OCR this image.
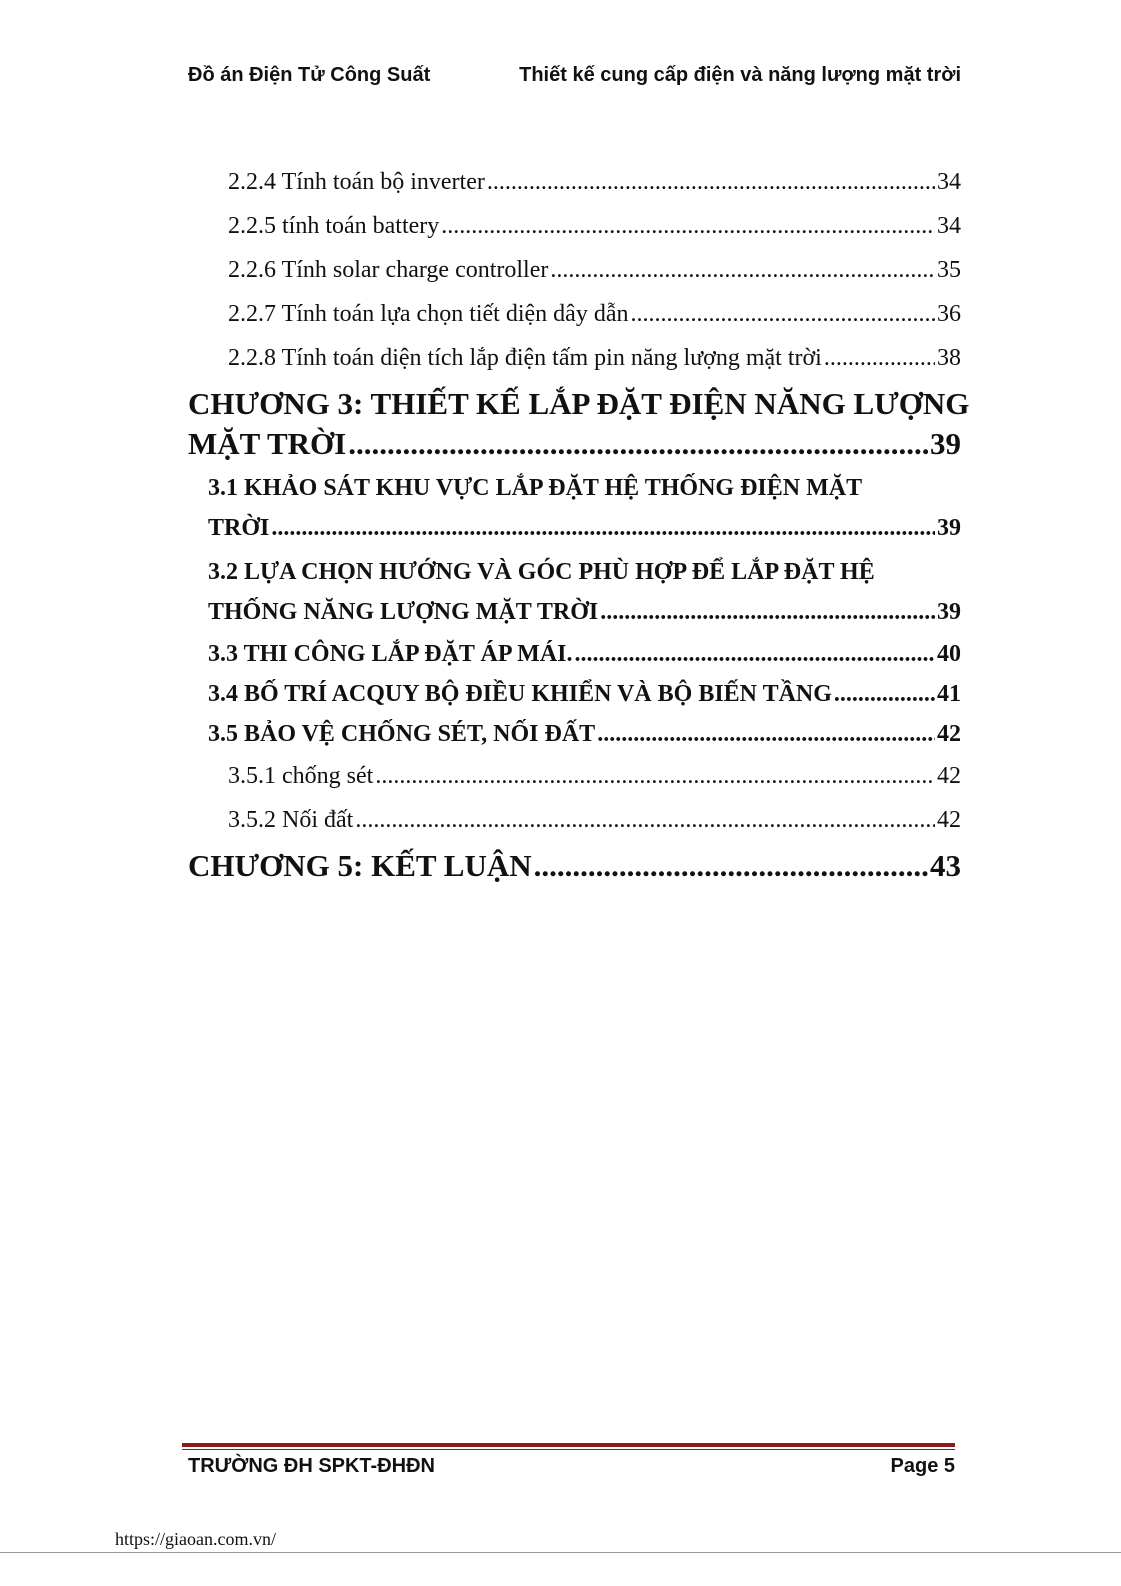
Đồ án Điện Tử Công Suất	Thiết kế cung cấp điện và năng lượng mặt trời
2.2.4 Tính toán bộ inverter .....	34
2.2.5 tính toán battery .....	34
2.2.6 Tính solar charge controller .....	35
2.2.7 Tính toán lựa chọn tiết diện dây dẫn .....	36
2.2.8 Tính toán diện tích lắp điện tấm pin năng lượng mặt trời .....	38
CHƯƠNG 3: THIẾT KẾ LẮP ĐẶT ĐIỆN NĂNG LƯỢNG
MẶT TRỜI .....	39
3.1 KHẢO SÁT KHU VỰC LẮP ĐẶT HỆ THỐNG ĐIỆN MẶT
TRỜI .....	39
3.2 LỰA CHỌN HƯỚNG VÀ GÓC PHÙ HỢP ĐỂ LẮP ĐẶT HỆ
THỐNG NĂNG LƯỢNG MẶT TRỜI .....	39
3.3 THI CÔNG LẮP ĐẶT ÁP MÁI. .....	40
3.4 BỐ TRÍ ACQUY BỘ ĐIỀU KHIỂN VÀ BỘ BIẾN TẦNG .....	41
3.5 BẢO VỆ CHỐNG SÉT, NỐI ĐẤT .....	42
3.5.1 chống sét .....	42
3.5.2 Nối đất .....	42
CHƯƠNG 5: KẾT LUẬN .....	43
TRƯỜNG ĐH SPKT-ĐHĐN	Page 5
https://giaoan.com.vn/
